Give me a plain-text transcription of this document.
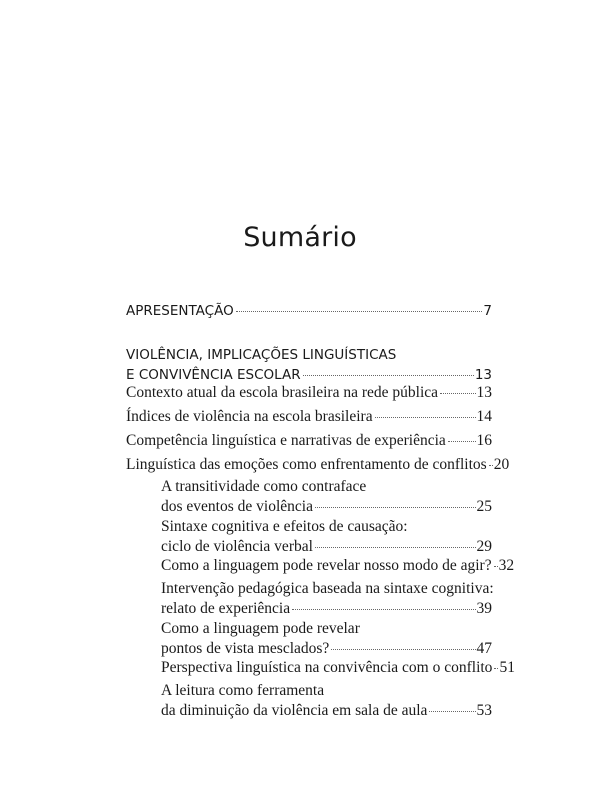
Sumário
APRESENTAÇÃO	7
VIOLÊNCIA, IMPLICAÇÕES LINGUÍSTICAS
E CONVIVÊNCIA ESCOLAR	13
Contexto atual da escola brasileira na rede pública 13
Índices de violência na escola brasileira	14
Competência linguística e narrativas de experiência 16
Linguística das emoções como enfrentamento de conflitos 20
A transitividade como contraface
dos eventos de violência	25
Sintaxe cognitiva e efeitos de causação:
ciclo de violência verbal	29
Como a linguagem pode revelar nosso modo de agir? 32
Intervenção pedagógica baseada na sintaxe cognitiva:
relato de experiência	39
Como a linguagem pode revelar
pontos de vista mesclados?	47
Perspectiva linguística na convivência com o conflito 51
A leitura como ferramenta
da diminuição da violência em sala de aula	53
